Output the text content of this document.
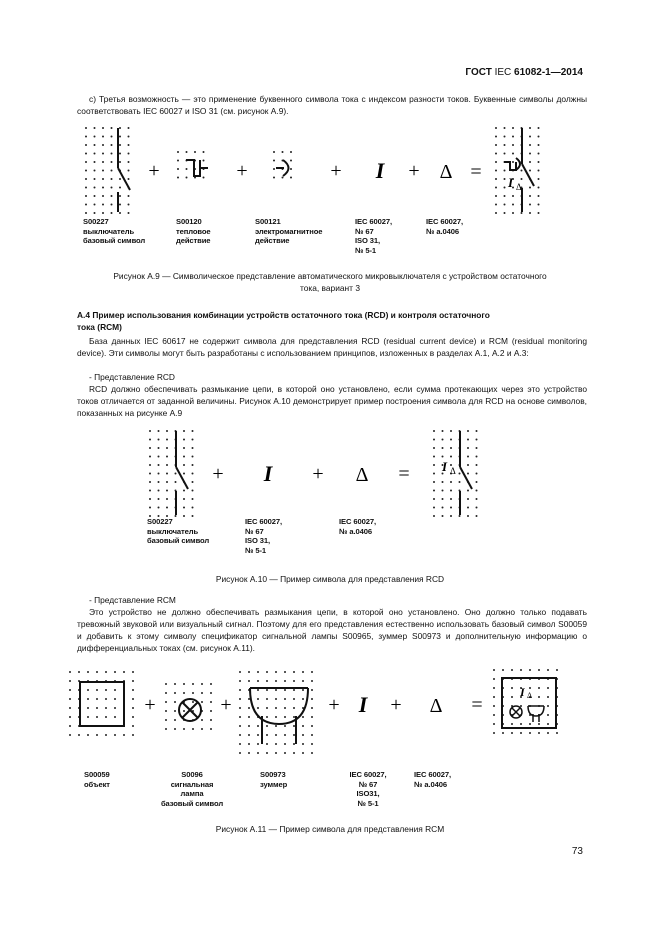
ГОСТ IEC 61082-1—2014
c) Третья возможность — это применение буквенного символа тока с индексом разности токов. Буквенные символы должны соответствовать IEC 60027 и ISO 31 (см. рисунок А.9).
+	+	+ I + Δ = I Δ
S00227
выключатель
базовый символ
S00120
тепловое
действие
S00121
электромагнитное
действие
IEC 60027,
№ 67
ISO 31,
№ 5-1
IEC 60027,
№ а.0406
Рисунок А.9 — Символическое представление автоматического микровыключателя с устройством остаточного
тока, вариант 3
А.4 Пример использования комбинации устройств остаточного тока (RCD) и контроля остаточного
тока (RCM)
База данных IEC 60617 не содержит символа для представления RCD (residual current device) и RCM (residual monitoring device). Эти символы могут быть разработаны с использованием принципов, изложенных в разделах А.1, А.2 и А.3:
- Представление RCD
RCD должно обеспечивать размыкание цепи, в которой оно установлено, если сумма протекающих через это устройство токов отличается от заданной величины. Рисунок А.10 демонстрирует пример построения символа для RCD на основе символов, показанных на рисунке А.9
+ I + Δ = I Δ
S00227
выключатель
базовый символ
IEC 60027,
№ 67
ISO 31,
№ 5-1
IEC 60027,
№ а.0406
Рисунок А.10 — Пример символа для представления RCD
- Представление RCM
Это устройство не должно обеспечивать размыкания цепи, в которой оно установлено. Оно должно только подавать тревожный звуковой или визуальный сигнал. Поэтому для его представления естественно использовать базовый символ S00059 и добавить к этому символу спецификатор сигнальной лампы S00965, зуммер S00973 и дополнительную информацию о дифференциальных токах (см. рисунок А.11).
+	+	+ I + Δ =
I Δ
S00059
объект
S0096
сигнальная
лампа
базовый символ
S00973
зуммер
IEC 60027,
№ 67
ISO31,
№ 5-1
IEC 60027,
№ а.0406
Рисунок А.11 — Пример символа для представления RCM
73
